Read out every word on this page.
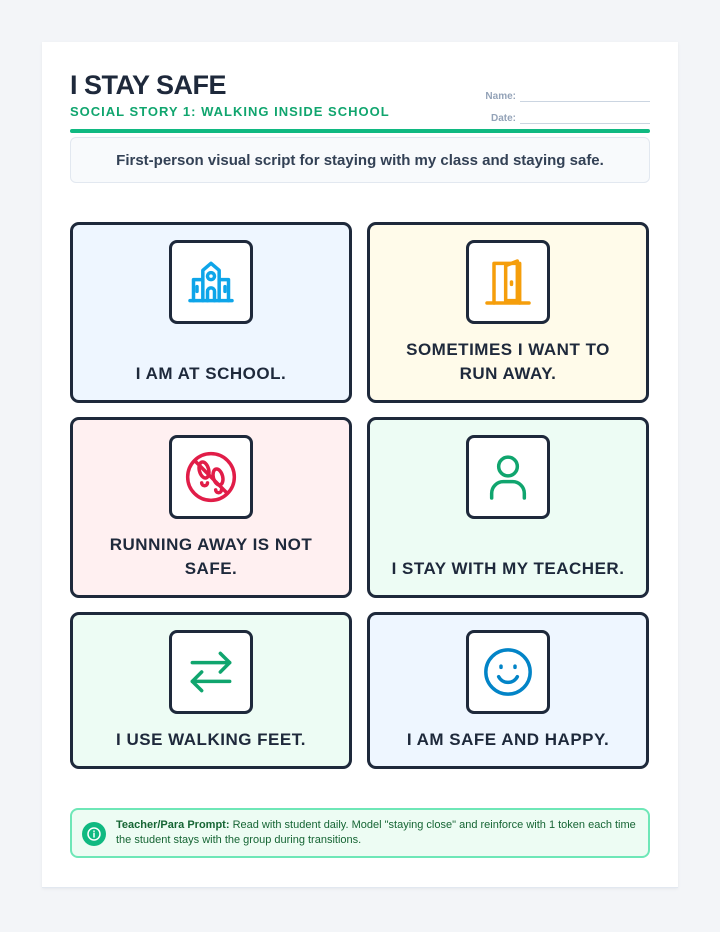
I STAY SAFE
SOCIAL STORY 1: WALKING INSIDE SCHOOL
Name:
Date:
First-person visual script for staying with my class and staying safe.
I AM AT SCHOOL.
SOMETIMES I WANT TO RUN AWAY.
RUNNING AWAY IS NOT SAFE.	I STAY WITH MY TEACHER.
I USE WALKING FEET.	I AM SAFE AND HAPPY.
Teacher/Para Prompt: Read with student daily. Model "staying close" and reinforce with 1 token each time the student stays with the group during transitions.
